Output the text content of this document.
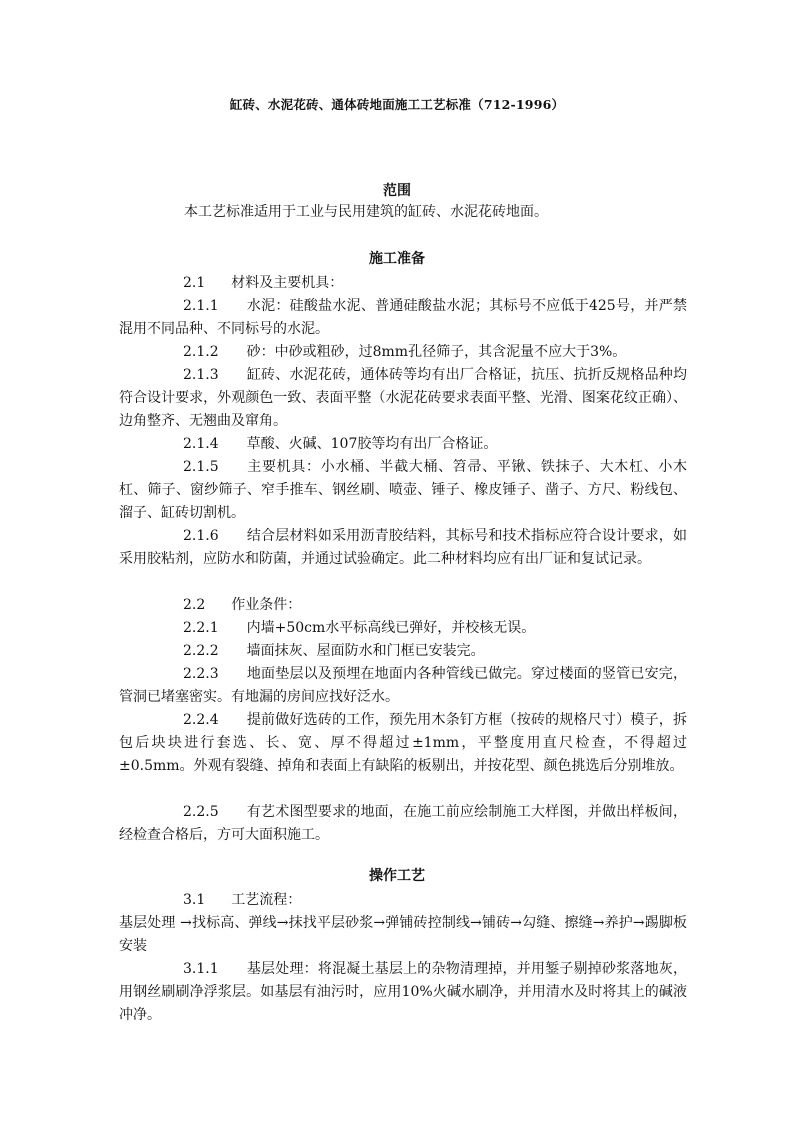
缸砖、水泥花砖、通体砖地面施工工艺标准（712-1996）
范围
本工艺标准适用于工业与民用建筑的缸砖、水泥花砖地面。
施工准备
2.1 材料及主要机具：
2.1.1 水泥：硅酸盐水泥、普通硅酸盐水泥；其标号不应低于425号，并严禁混用不同品种、不同标号的水泥。
2.1.2 砂：中砂或粗砂，过8mm孔径筛子，其含泥量不应大于3%。
2.1.3 缸砖、水泥花砖，通体砖等均有出厂合格证，抗压、抗折反规格品种均符合设计要求，外观颜色一致、表面平整（水泥花砖要求表面平整、光滑、图案花纹正确）、边角整齐、无翘曲及窜角。
2.1.4 草酸、火碱、107胶等均有出厂合格证。
2.1.5 主要机具：小水桶、半截大桶、笤帚、平锹、铁抹子、大木杠、小木杠、筛子、窗纱筛子、窄手推车、钢丝刷、喷壶、锤子、橡皮锤子、凿子、方尺、粉线包、溜子、缸砖切割机。
2.1.6 结合层材料如采用沥青胶结料，其标号和技术指标应符合设计要求，如采用胶粘剂，应防水和防菌，并通过试验确定。此二种材料均应有出厂证和复试记录。
2.2 作业条件：
2.2.1 内墙+50cm水平标高线已弹好，并校核无误。
2.2.2 墙面抹灰、屋面防水和门框已安装完。
2.2.3 地面垫层以及预埋在地面内各种管线已做完。穿过楼面的竖管已安完，管洞已堵塞密实。有地漏的房间应找好泛水。
2.2.4 提前做好选砖的工作，预先用木条钉方框（按砖的规格尺寸）模子，拆包后块块进行套选、长、宽、厚不得超过±1mm，平整度用直尺检查，不得超过±0.5mm。外观有裂缝、掉角和表面上有缺陷的板剔出，并按花型、颜色挑选后分别堆放。
2.2.5 有艺术图型要求的地面，在施工前应绘制施工大样图，并做出样板间，经检查合格后，方可大面积施工。
操作工艺
3.1 工艺流程：
基层处理 →找标高、弹线→抹找平层砂浆→弹铺砖控制线→铺砖→勾缝、擦缝→养护→踢脚板安装
3.1.1 基层处理：将混凝土基层上的杂物清理掉，并用錾子剔掉砂浆落地灰，用钢丝刷刷净浮浆层。如基层有油污时，应用10%火碱水刷净，并用清水及时将其上的碱液冲净。
